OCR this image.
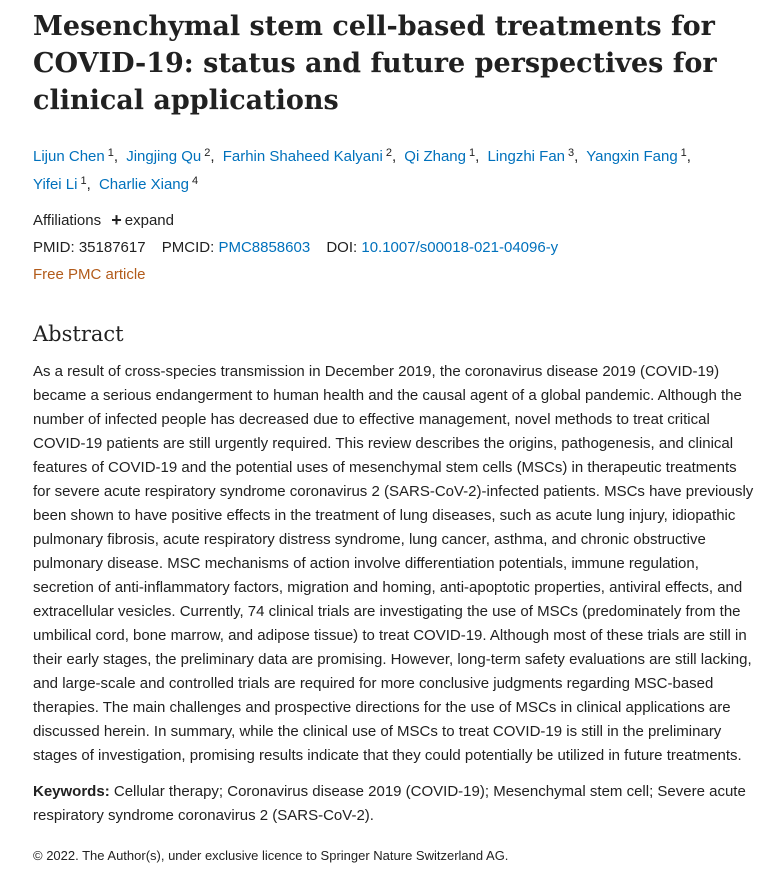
Mesenchymal stem cell-based treatments for COVID-19: status and future perspectives for clinical applications
Lijun Chen $^1$, Jingjing Qu $^2$, Farhin Shaheed Kalyani $^2$, Qi Zhang $^1$, Lingzhi Fan $^3$, Yangxin Fang $^1$,
Yifei Li $^1$, Charlie Xiang $^4$
Affiliations + expand
PMID: 35187617 PMCID: PMC8858603 DOI: 10.1007/s00018-021-04096-y
Free PMC article
Abstract
As a result of cross-species transmission in December 2019, the coronavirus disease 2019 (COVID-19) became a serious endangerment to human health and the causal agent of a global pandemic. Although the number of infected people has decreased due to effective management, novel methods to treat critical COVID-19 patients are still urgently required. This review describes the origins, pathogenesis, and clinical features of COVID-19 and the potential uses of mesenchymal stem cells (MSCs) in therapeutic treatments for severe acute respiratory syndrome coronavirus 2 (SARS-CoV-2)-infected patients. MSCs have previously been shown to have positive effects in the treatment of lung diseases, such as acute lung injury, idiopathic pulmonary fibrosis, acute respiratory distress syndrome, lung cancer, asthma, and chronic obstructive pulmonary disease. MSC mechanisms of action involve differentiation potentials, immune regulation, secretion of anti-inflammatory factors, migration and homing, anti-apoptotic properties, antiviral effects, and extracellular vesicles. Currently, 74 clinical trials are investigating the use of MSCs (predominately from the umbilical cord, bone marrow, and adipose tissue) to treat COVID-19. Although most of these trials are still in their early stages, the preliminary data are promising. However, long-term safety evaluations are still lacking, and large-scale and controlled trials are required for more conclusive judgments regarding MSC-based therapies. The main challenges and prospective directions for the use of MSCs in clinical applications are discussed herein. In summary, while the clinical use of MSCs to treat COVID-19 is still in the preliminary stages of investigation, promising results indicate that they could potentially be utilized in future treatments.
Keywords: Cellular therapy; Coronavirus disease 2019 (COVID-19); Mesenchymal stem cell; Severe acute respiratory syndrome coronavirus 2 (SARS-CoV-2).
© 2022. The Author(s), under exclusive licence to Springer Nature Switzerland AG.
